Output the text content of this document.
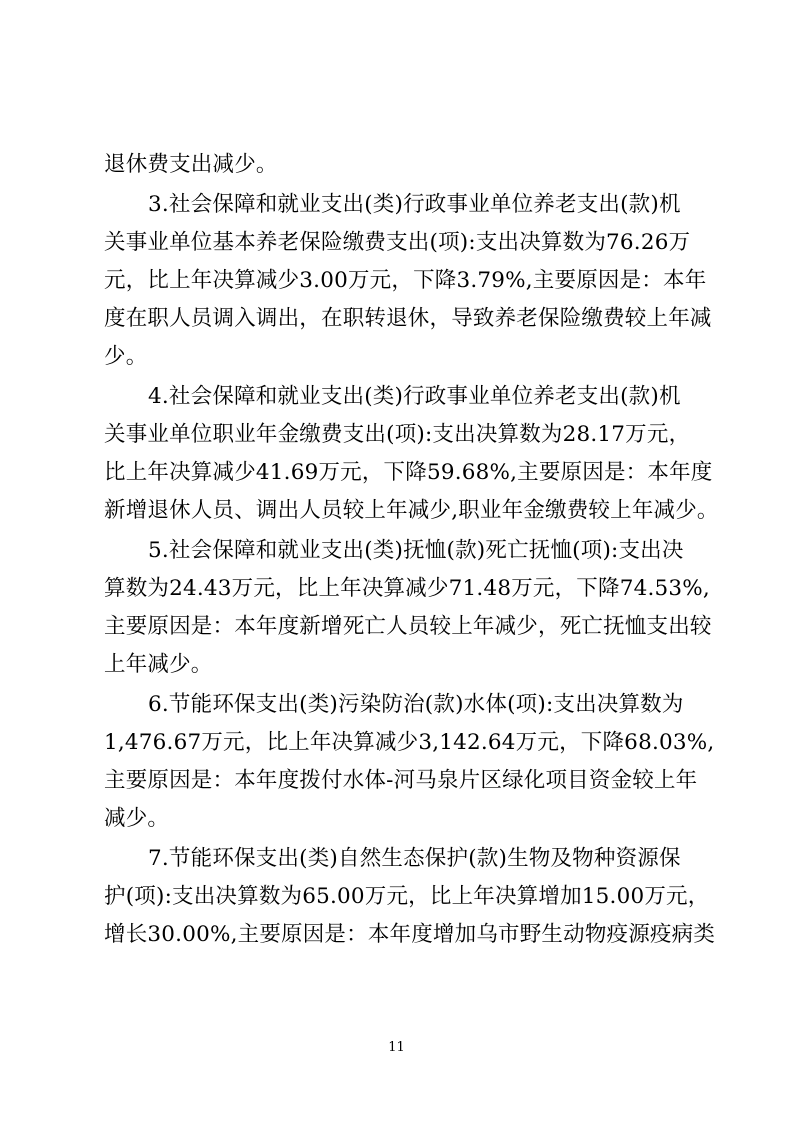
退休费支出减少。
3.社会保障和就业支出(类)行政事业单位养老支出(款)机
关事业单位基本养老保险缴费支出(项):支出决算数为76.26万
元，比上年决算减少3.00万元，下降3.79%,主要原因是：本年
度在职人员调入调出，在职转退休，导致养老保险缴费较上年减
少。
4.社会保障和就业支出(类)行政事业单位养老支出(款)机
关事业单位职业年金缴费支出(项):支出决算数为28.17万元，
比上年决算减少41.69万元，下降59.68%,主要原因是：本年度
新增退休人员、调出人员较上年减少,职业年金缴费较上年减少。
5.社会保障和就业支出(类)抚恤(款)死亡抚恤(项):支出决
算数为24.43万元，比上年决算减少71.48万元，下降74.53%,
主要原因是：本年度新增死亡人员较上年减少，死亡抚恤支出较
上年减少。
6.节能环保支出(类)污染防治(款)水体(项):支出决算数为
1,476.67万元，比上年决算减少3,142.64万元，下降68.03%,
主要原因是：本年度拨付水体-河马泉片区绿化项目资金较上年
减少。
7.节能环保支出(类)自然生态保护(款)生物及物种资源保
护(项):支出决算数为65.00万元，比上年决算增加15.00万元，
增长30.00%,主要原因是：本年度增加乌市野生动物疫源疫病类
11
